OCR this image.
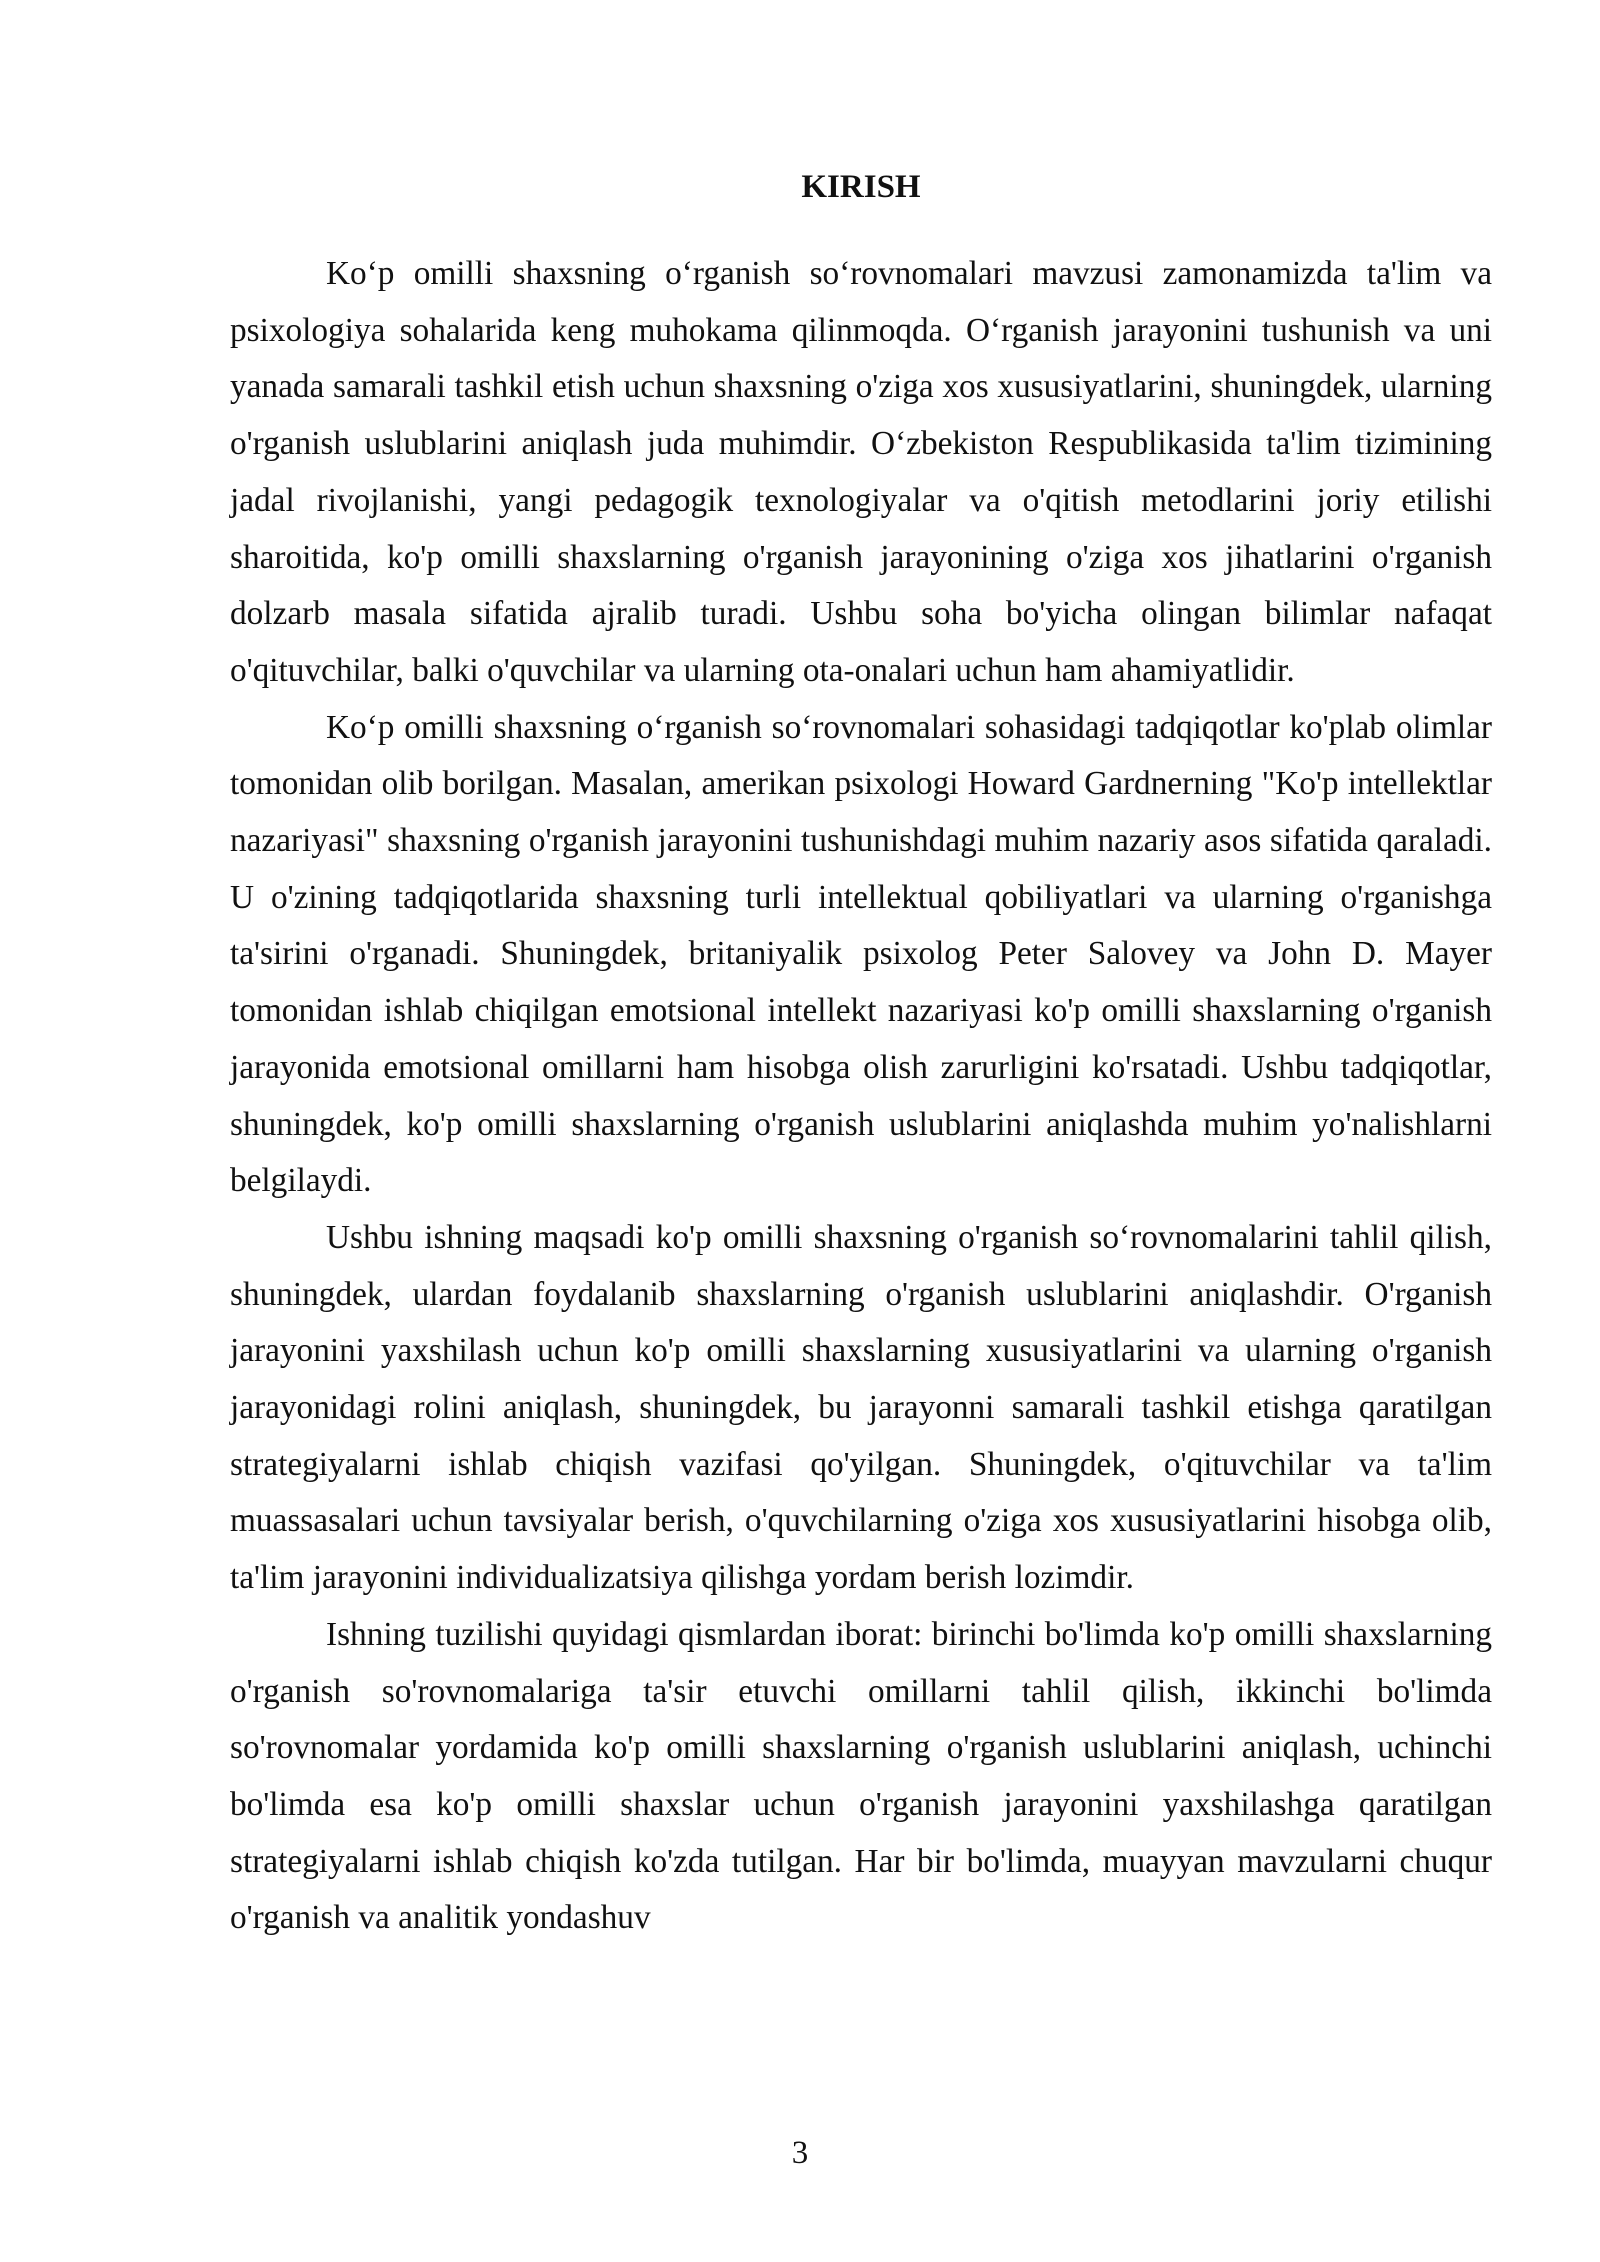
KIRISH

Ko‘p omilli shaxsning o‘rganish so‘rovnomalari mavzusi zamonamizda ta'lim va psixologiya sohalarida keng muhokama qilinmoqda. O‘rganish jarayonini tushunish va uni yanada samarali tashkil etish uchun shaxsning o'ziga xos xususiyatlarini, shuningdek, ularning o'rganish uslublarini aniqlash juda muhimdir. O‘zbekiston Respublikasida ta'lim tizimining jadal rivojlanishi, yangi pedagogik texnologiyalar va o'qitish metodlarini joriy etilishi sharoitida, ko'p omilli shaxslarning o'rganish jarayonining o'ziga xos jihatlarini o'rganish dolzarb masala sifatida ajralib turadi. Ushbu soha bo'yicha olingan bilimlar nafaqat o'qituvchilar, balki o'quvchilar va ularning ota-onalari uchun ham ahamiyatlidir.

Ko‘p omilli shaxsning o‘rganish so‘rovnomalari sohasidagi tadqiqotlar ko'plab olimlar tomonidan olib borilgan. Masalan, amerikan psixologi Howard Gardnerning "Ko'p intellektlar nazariyasi" shaxsning o'rganish jarayonini tushunishdagi muhim nazariy asos sifatida qaraladi. U o'zining tadqiqotlarida shaxsning turli intellektual qobiliyatlari va ularning o'rganishga ta'sirini o'rganadi. Shuningdek, britaniyalik psixolog Peter Salovey va John D. Mayer tomonidan ishlab chiqilgan emotsional intellekt nazariyasi ko'p omilli shaxslarning o'rganish jarayonida emotsional omillarni ham hisobga olish zarurligini ko'rsatadi. Ushbu tadqiqotlar, shuningdek, ko'p omilli shaxslarning o'rganish uslublarini aniqlashda muhim yo'nalishlarni belgilaydi.

Ushbu ishning maqsadi ko'p omilli shaxsning o'rganish so‘rovnomalarini tahlil qilish, shuningdek, ulardan foydalanib shaxslarning o'rganish uslublarini aniqlashdir. O'rganish jarayonini yaxshilash uchun ko'p omilli shaxslarning xususiyatlarini va ularning o'rganish jarayonidagi rolini aniqlash, shuningdek, bu jarayonni samarali tashkil etishga qaratilgan strategiyalarni ishlab chiqish vazifasi qo'yilgan. Shuningdek, o'qituvchilar va ta'lim muassasalari uchun tavsiyalar berish, o'quvchilarning o'ziga xos xususiyatlarini hisobga olib, ta'lim jarayonini individualizatsiya qilishga yordam berish lozimdir.

Ishning tuzilishi quyidagi qismlardan iborat: birinchi bo'limda ko'p omilli shaxslarning o'rganish so'rovnomalariga ta'sir etuvchi omillarni tahlil qilish, ikkinchi bo'limda so'rovnomalar yordamida ko'p omilli shaxslarning o'rganish uslublarini aniqlash, uchinchi bo'limda esa ko'p omilli shaxslar uchun o'rganish jarayonini yaxshilashga qaratilgan strategiyalarni ishlab chiqish ko'zda tutilgan. Har bir bo'limda, muayyan mavzularni chuqur o'rganish va analitik yondashuv

3
